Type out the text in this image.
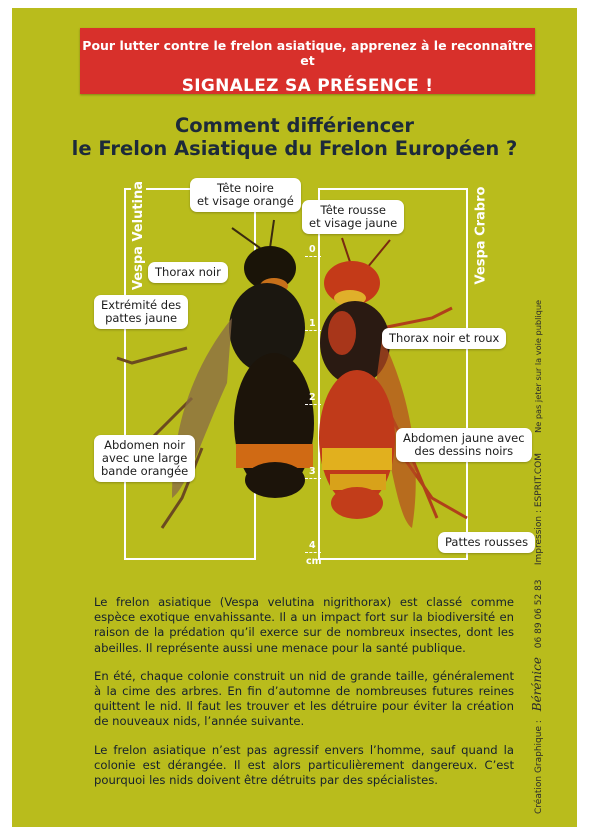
Pour lutter contre le frelon asiatique, apprenez à le reconnaître et
SIGNALEZ SA PRÉSENCE !
Comment différiencer
le Frelon Asiatique du Frelon Européen ?
Vespa Velutina	Vespa Crabro
0
1
2
3
4
cm
Tête noire
et visage orangé
Thorax noir
Extrémité des
pattes jaune
Abdomen noir
avec une large
bande orangée
Tête rousse
et visage jaune
Thorax noir et roux
Abdomen jaune avec
des dessins noirs
Pattes rousses

Le frelon asiatique (Vespa velutina nigrithorax) est classé comme espèce exotique envahissante. Il a un impact fort sur la biodiversité en raison de la prédation qu’il exerce sur de nombreux insectes, dont les abeilles. Il représente aussi une menace pour la santé publique.

En été, chaque colonie construit un nid de grande taille, généralement à la cime des arbres. En fin d’automne de nombreuses futures reines quittent le nid. Il faut les trouver et les détruire pour éviter la création de nouveaux nids, l’année suivante.

Le frelon asiatique n’est pas agressif envers l’homme, sauf quand la colonie est dérangée. Il est alors particulièrement dangereux. C’est pourquoi les nids doivent être détruits par des spécialistes.	Création Graphique : Bérénice 06 89 06 52 83     Impression : ESPRIT.COM       Ne pas jeter sur la voie publique
